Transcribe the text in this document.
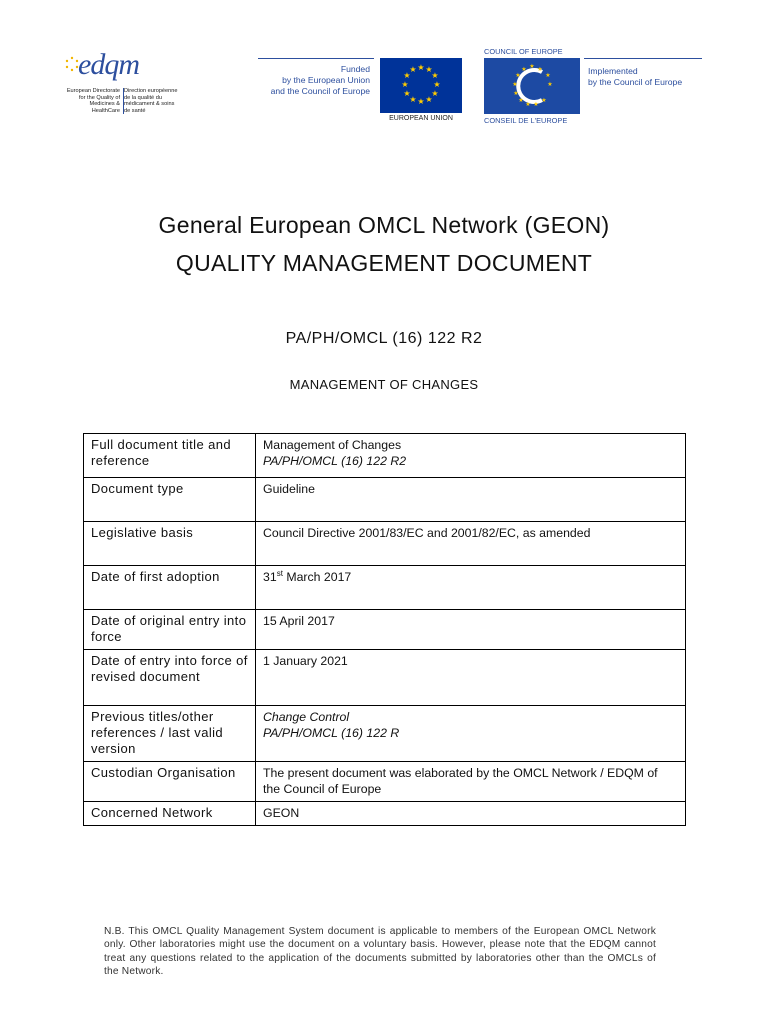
edqm
European Directorate for the Quality of Medicines & HealthCare
Direction européenne de la qualité du médicament & soins de santé
Funded
by the European Union
and the Council of Europe
★ ★
★
★
★
★
★
★
★
★
★
★
EUROPEAN UNION
COUNCIL OF EUROPE
★ ★
★
★
★
★
★
★ ★
★
★
★
CONSEIL DE L'EUROPE
Implemented
by the Council of Europe
General European OMCL Network (GEON)
QUALITY MANAGEMENT DOCUMENT
PA/PH/OMCL (16) 122 R2
MANAGEMENT OF CHANGES
Full document title and reference	Management of Changes
PA/PH/OMCL (16) 122 R2

Document type	Guideline
Legislative basis	Council Directive 2001/83/EC and 2001/82/EC, as amended
Date of first adoption	31st March 2017
Date of original entry into force	15 April 2017
Date of entry into force of revised document	1 January 2021
Previous titles/other references / last valid version	Change Control
PA/PH/OMCL (16) 122 R

Custodian Organisation	The present document was elaborated by the OMCL Network / EDQM of the Council of Europe
Concerned Network	GEON
N.B. This OMCL Quality Management System document is applicable to members of the European OMCL Network only. Other laboratories might use the document on a voluntary basis. However, please note that the EDQM cannot treat any questions related to the application of the documents submitted by laboratories other than the OMCLs of the Network.
